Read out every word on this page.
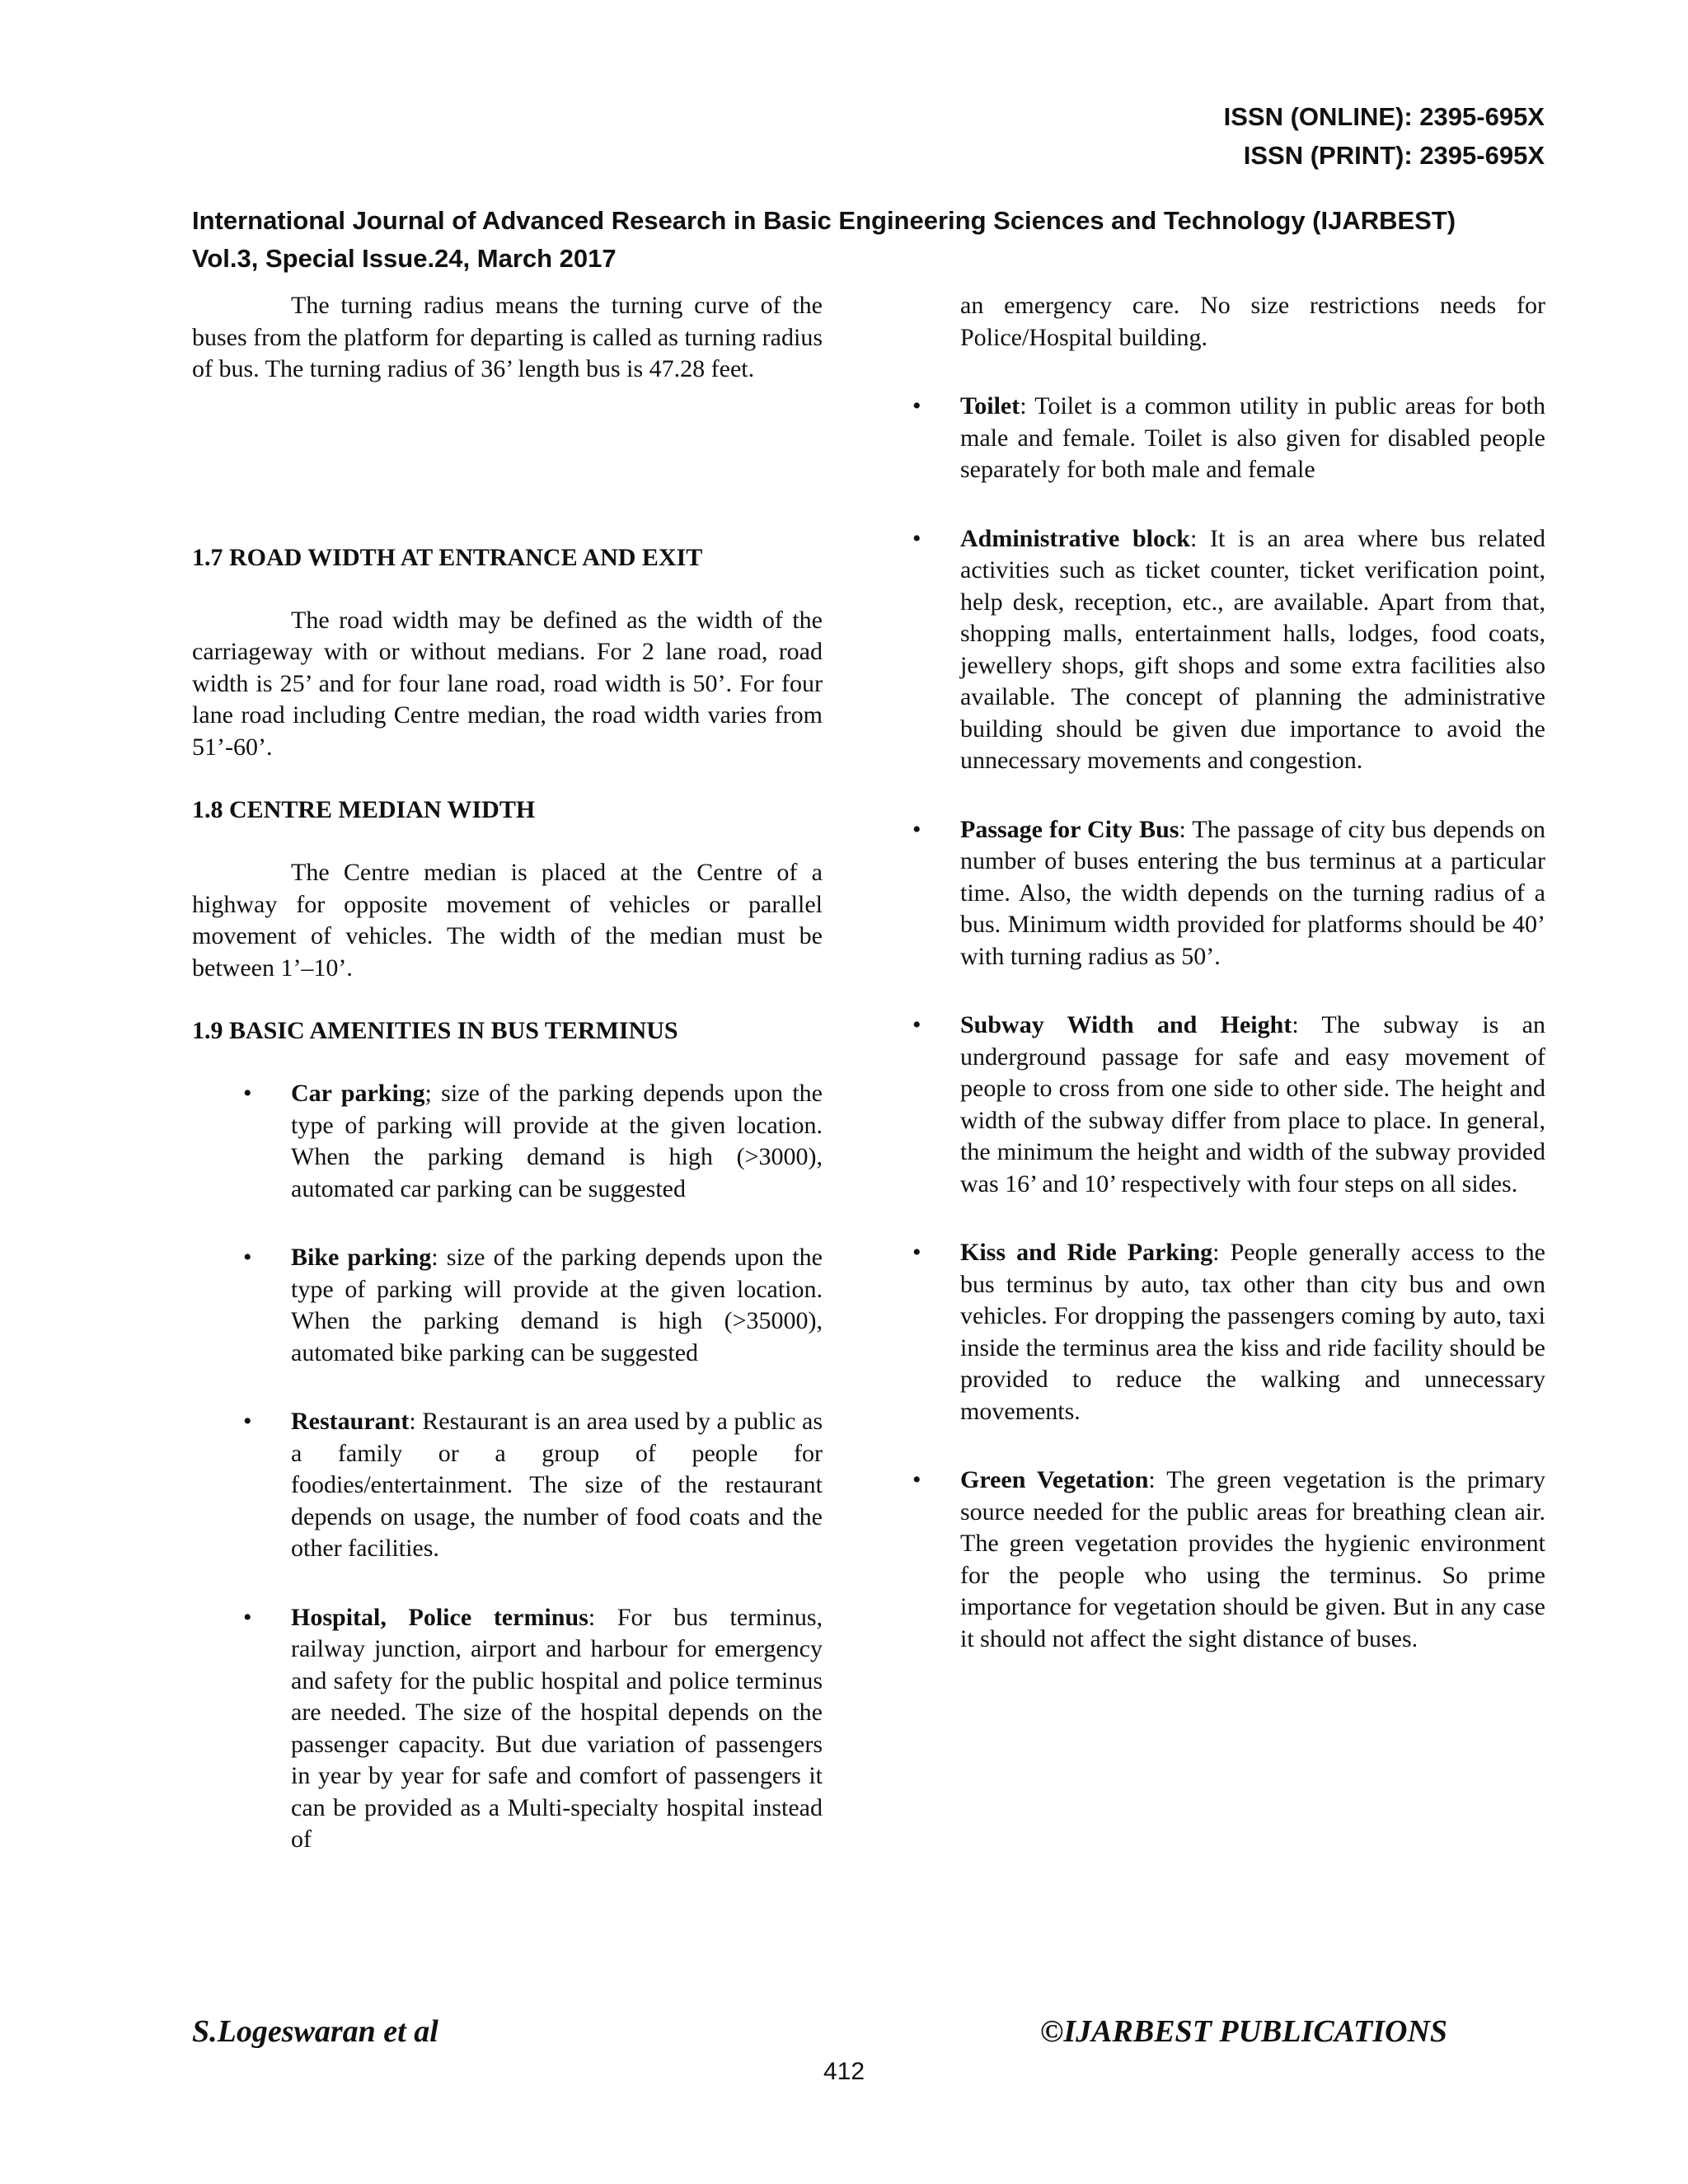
ISSN (ONLINE): 2395-695X
ISSN (PRINT): 2395-695X
International Journal of Advanced Research in Basic Engineering Sciences and Technology (IJARBEST)
Vol.3, Special Issue.24, March 2017

The turning radius means the turning curve of the buses from the platform for departing is called as turning radius of bus. The turning radius of 36’ length bus is 47.28 feet.

1.7 ROAD WIDTH AT ENTRANCE AND EXIT

The road width may be defined as the width of the carriageway with or without medians. For 2 lane road, road width is 25’ and for four lane road, road width is 50’. For four lane road including Centre median, the road width varies from 51’-60’.

1.8 CENTRE MEDIAN WIDTH

The Centre median is placed at the Centre of a highway for opposite movement of vehicles or parallel movement of vehicles. The width of the median must be between 1’–10’.

1.9 BASIC AMENITIES IN BUS TERMINUS
• Car parking; size of the parking depends upon the type of parking will provide at the given location. When the parking demand is high (>3000), automated car parking can be suggested
• Bike parking: size of the parking depends upon the type of parking will provide at the given location. When the parking demand is high (>35000), automated bike parking can be suggested
• Restaurant: Restaurant is an area used by a public as a family or a group of people for foodies/entertainment. The size of the restaurant depends on usage, the number of food coats and the other facilities.
• Hospital, Police terminus: For bus terminus, railway junction, airport and harbour for emergency and safety for the public hospital and police terminus are needed. The size of the hospital depends on the passenger capacity. But due variation of passengers in year by year for safe and comfort of passengers it can be provided as a Multi-specialty hospital instead of

an emergency care. No size restrictions needs for Police/Hospital building.

• Toilet: Toilet is a common utility in public areas for both male and female. Toilet is also given for disabled people separately for both male and female
• Administrative block: It is an area where bus related activities such as ticket counter, ticket verification point, help desk, reception, etc., are available. Apart from that, shopping malls, entertainment halls, lodges, food coats, jewellery shops, gift shops and some extra facilities also available. The concept of planning the administrative building should be given due importance to avoid the unnecessary movements and congestion.
• Passage for City Bus: The passage of city bus depends on number of buses entering the bus terminus at a particular time. Also, the width depends on the turning radius of a bus. Minimum width provided for platforms should be 40’ with turning radius as 50’.
• Subway Width and Height: The subway is an underground passage for safe and easy movement of people to cross from one side to other side. The height and width of the subway differ from place to place. In general, the minimum the height and width of the subway provided was 16’ and 10’ respectively with four steps on all sides.
• Kiss and Ride Parking: People generally access to the bus terminus by auto, tax other than city bus and own vehicles. For dropping the passengers coming by auto, taxi inside the terminus area the kiss and ride facility should be provided to reduce the walking and unnecessary movements.
• Green Vegetation: The green vegetation is the primary source needed for the public areas for breathing clean air. The green vegetation provides the hygienic environment for the people who using the terminus. So prime importance for vegetation should be given. But in any case it should not affect the sight distance of buses.
S.Logeswaran et al	©IJARBEST PUBLICATIONS
412
